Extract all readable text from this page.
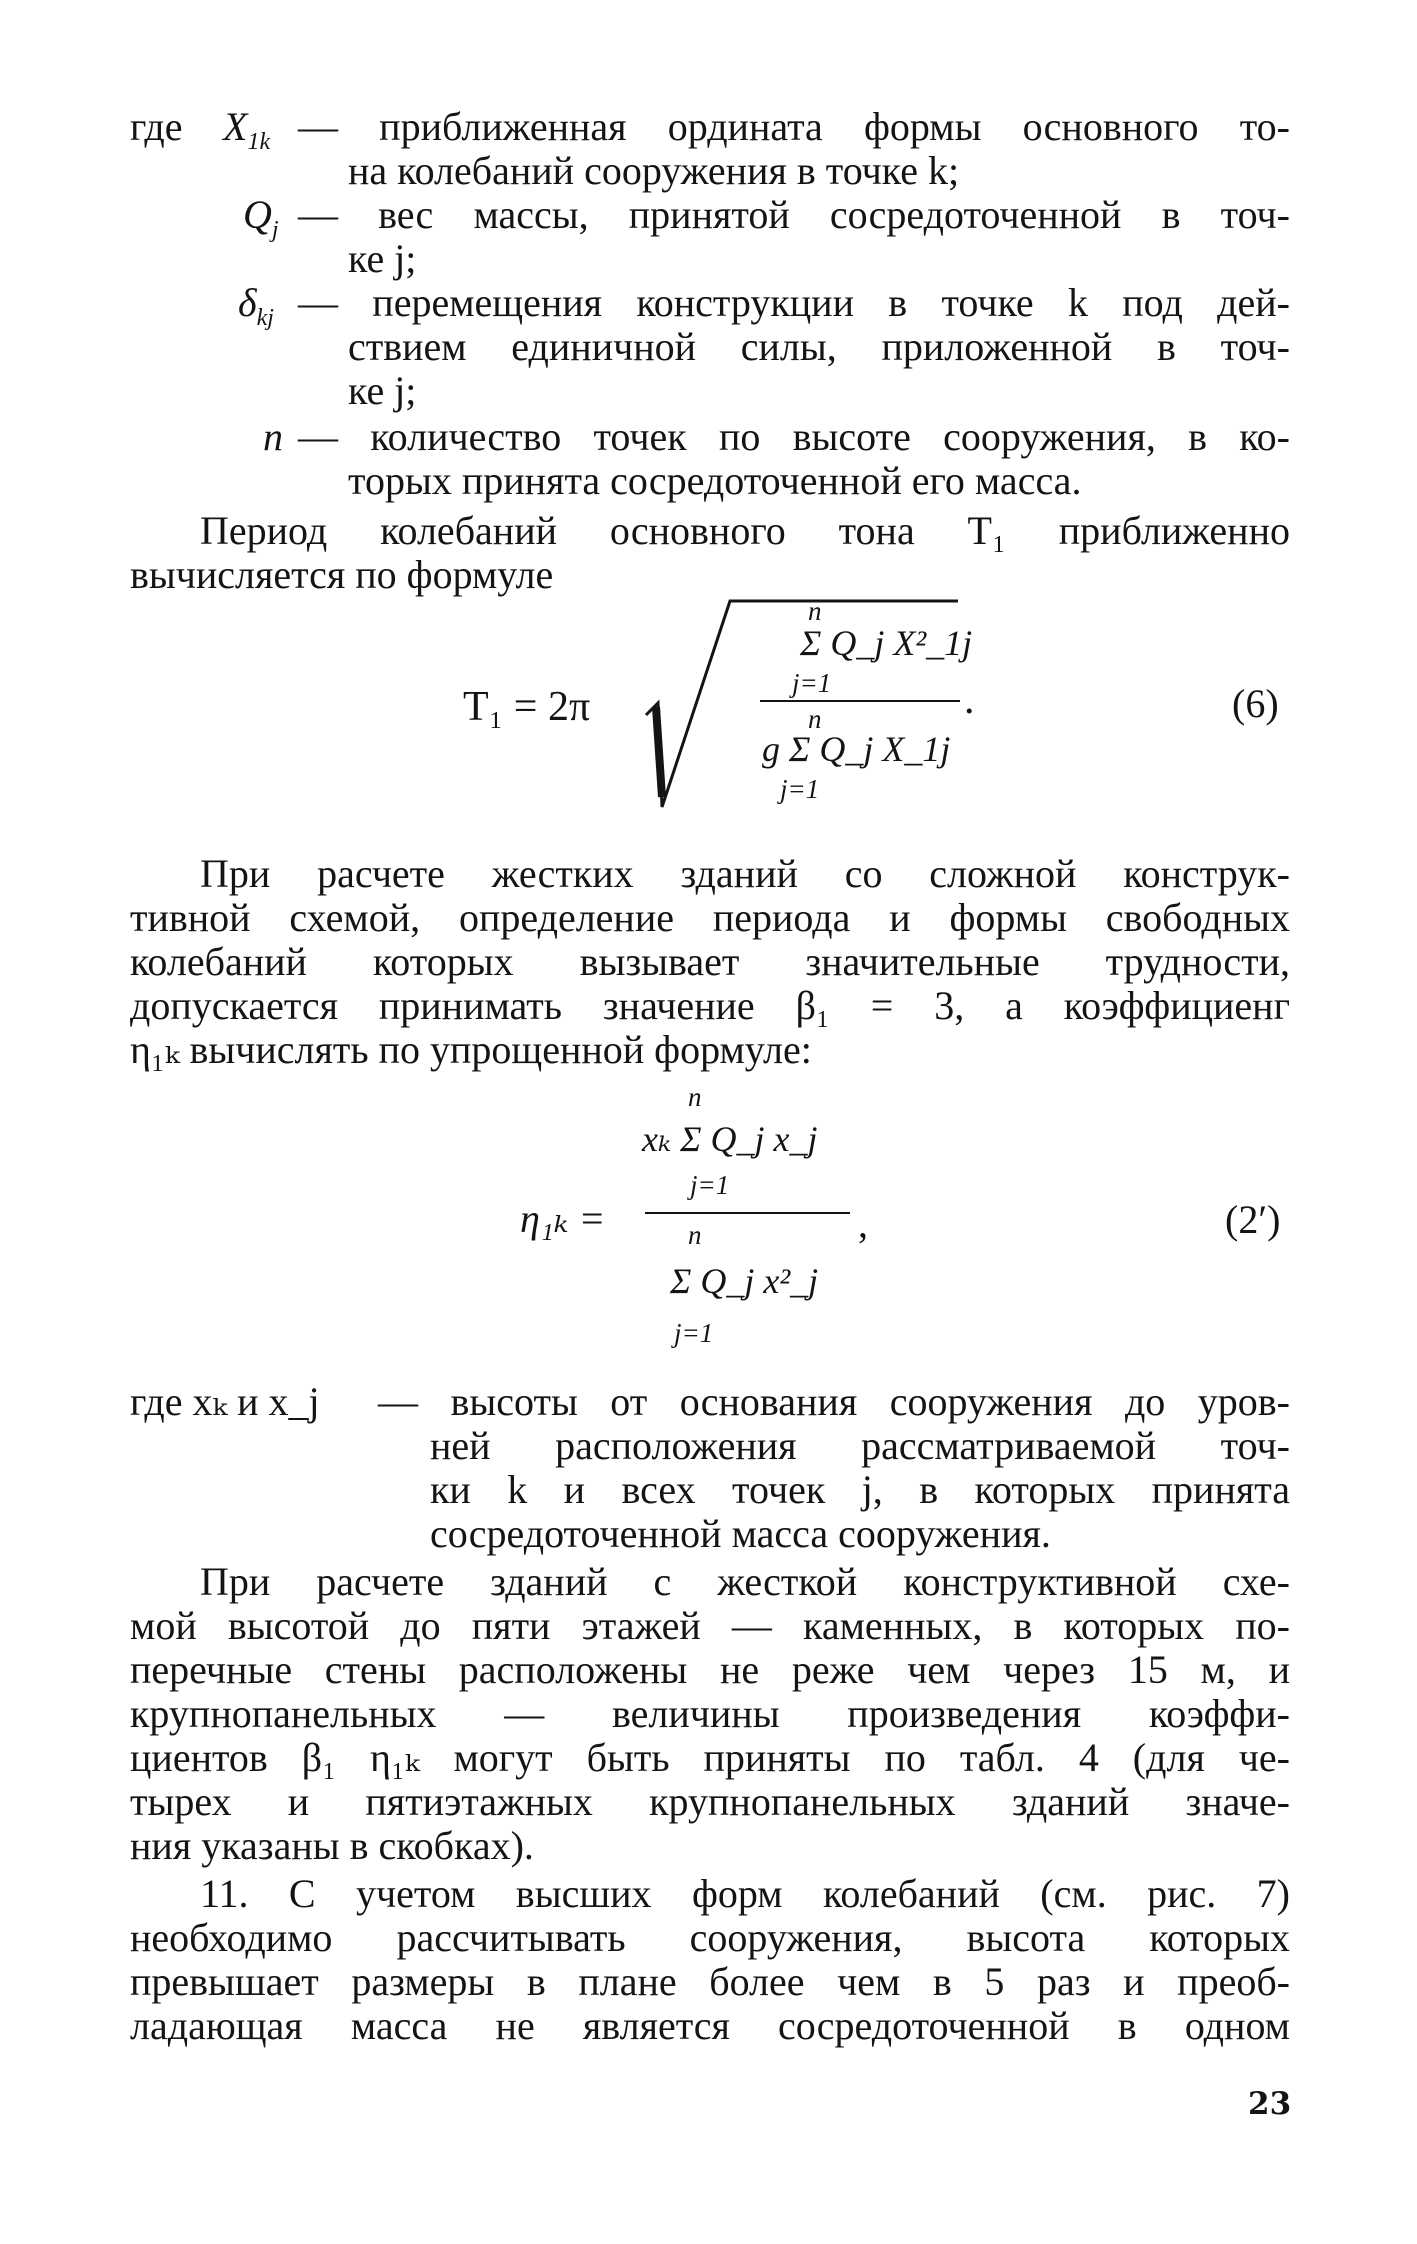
где $X_{1k}$ — приближенная ордината формы основного то-
на колебаний сооружения в точке k;
$Q_j$ — вес массы, принятой сосредоточенной в точ-
ке j;
$\delta_{kj}$ — перемещения конструкции в точке k под дей-
ствием единичной силы, приложенной в точ-
ке j;
n — количество точек по высоте сооружения, в ко-
торых принята сосредоточенной его масса.
Период колебаний основного тона T₁ приближенно
вычисляется по формуле
T₁ = 2π
n
Σ Q_j X²_1j
j=1
n
g Σ Q_j X_1j
j=1
.	(6)
При расчете жестких зданий со сложной конструк-
тивной схемой, определение периода и формы свободных
колебаний которых вызывает значительные трудности,
допускается принимать значение β₁ = 3, а коэффициенг
η₁ₖ вычислять по упрощенной формуле:
η₁ₖ =
n
xₖ Σ Q_j x_j
j=1
n
Σ Q_j x²_j
j=1
,	(2′)
где xₖ и x_j — высоты от основания сооружения до уров-
ней расположения рассматриваемой точ-
ки k и всех точек j, в которых принята
сосредоточенной масса сооружения.
При расчете зданий с жесткой конструктивной схе-
мой высотой до пяти этажей — каменных, в которых по-
перечные стены расположены не реже чем через 15 м, и
крупнопанельных — величины произведения коэффи-
циентов β₁ η₁ₖ могут быть приняты по табл. 4 (для че-
тырех и пятиэтажных крупнопанельных зданий значе-
ния указаны в скобках).
11. С учетом высших форм колебаний (см. рис. 7)
необходимо рассчитывать сооружения, высота которых
превышает размеры в плане более чем в 5 раз и преоб-
ладающая масса не является сосредоточенной в одном
23
